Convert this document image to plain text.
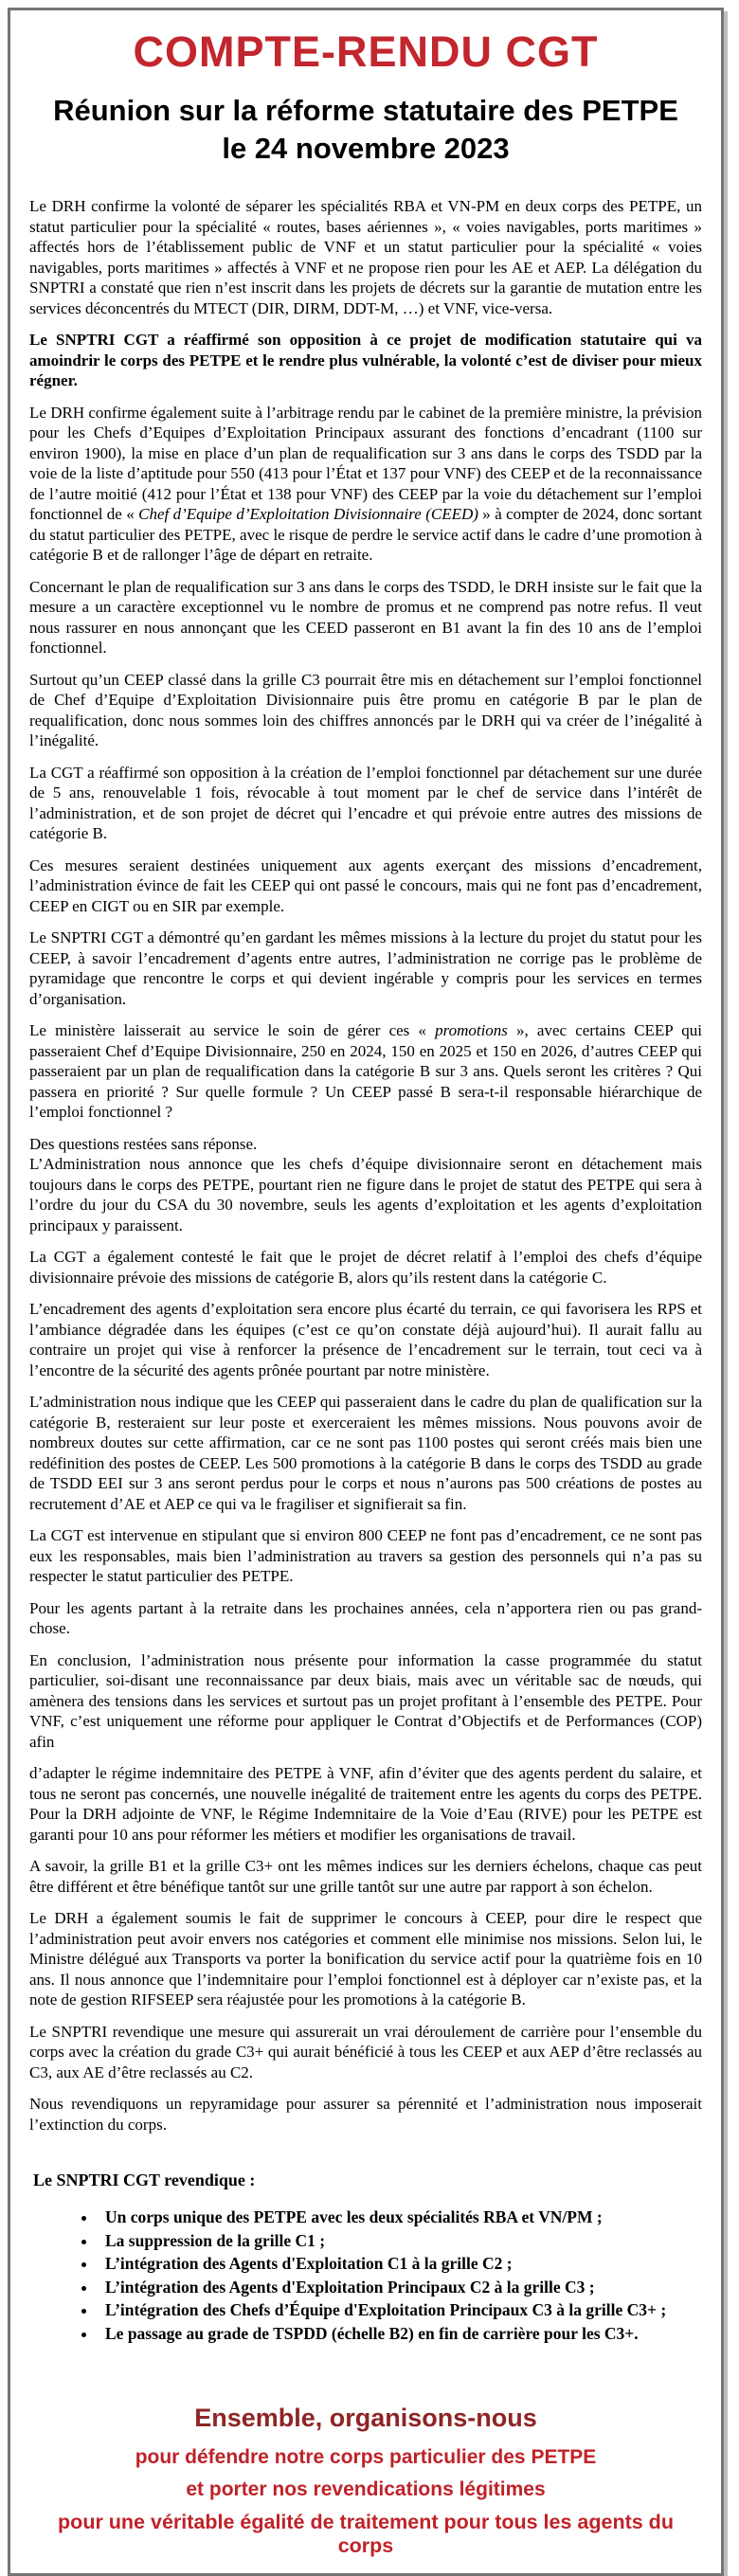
COMPTE-RENDU CGT
Réunion sur la réforme statutaire des PETPE
le 24 novembre 2023

Le DRH confirme la volonté de séparer les spécialités RBA et VN-PM en deux corps des PETPE, un statut particulier pour la spécialité « routes, bases aériennes », « voies navigables, ports maritimes » affectés hors de l’établissement public de VNF et un statut particulier pour la spécialité « voies navigables, ports maritimes » affectés à VNF et ne propose rien pour les AE et AEP. La délégation du SNPTRI a constaté que rien n’est inscrit dans les projets de décrets sur la garantie de mutation entre les services déconcentrés du MTECT (DIR, DIRM, DDT-M, …) et VNF, vice-versa.

Le SNPTRI CGT a réaffirmé son opposition à ce projet de modification statutaire qui va amoindrir le corps des PETPE et le rendre plus vulnérable, la volonté c’est de diviser pour mieux régner.

Le DRH confirme également suite à l’arbitrage rendu par le cabinet de la première ministre, la prévision pour les Chefs d’Equipes d’Exploitation Principaux assurant des fonctions d’encadrant (1100 sur environ 1900), la mise en place d’un plan de requalification sur 3 ans dans le corps des TSDD par la voie de la liste d’aptitude pour 550 (413 pour l’État et 137 pour VNF) des CEEP et de la reconnaissance de l’autre moitié (412 pour l’État et 138 pour VNF) des CEEP par la voie du détachement sur l’emploi fonctionnel de « Chef d’Equipe d’Exploitation Divisionnaire (CEED) » à compter de 2024, donc sortant du statut particulier des PETPE, avec le risque de perdre le service actif dans le cadre d’une promotion à catégorie B et de rallonger l’âge de départ en retraite.

Concernant le plan de requalification sur 3 ans dans le corps des TSDD, le DRH insiste sur le fait que la mesure a un caractère exceptionnel vu le nombre de promus et ne comprend pas notre refus. Il veut nous rassurer en nous annonçant que les CEED passeront en B1 avant la fin des 10 ans de l’emploi fonctionnel.

Surtout qu’un CEEP classé dans la grille C3 pourrait être mis en détachement sur l’emploi fonctionnel de Chef d’Equipe d’Exploitation Divisionnaire puis être promu en catégorie B par le plan de requalification, donc nous sommes loin des chiffres annoncés par le DRH qui va créer de l’inégalité à l’inégalité.

La CGT a réaffirmé son opposition à la création de l’emploi fonctionnel par détachement sur une durée de 5 ans, renouvelable 1 fois, révocable à tout moment par le chef de service dans l’intérêt de l’administration, et de son projet de décret qui l’encadre et qui prévoie entre autres des missions de catégorie B.

Ces mesures seraient destinées uniquement aux agents exerçant des missions d’encadrement, l’administration évince de fait les CEEP qui ont passé le concours, mais qui ne font pas d’encadrement, CEEP en CIGT ou en SIR par exemple.

Le SNPTRI CGT a démontré qu’en gardant les mêmes missions à la lecture du projet du statut pour les CEEP, à savoir l’encadrement d’agents entre autres, l’administration ne corrige pas le problème de pyramidage que rencontre le corps et qui devient ingérable y compris pour les services en termes d’organisation.

Le ministère laisserait au service le soin de gérer ces « promotions », avec certains CEEP qui passeraient Chef d’Equipe Divisionnaire, 250 en 2024, 150 en 2025 et 150 en 2026, d’autres CEEP qui passeraient par un plan de requalification dans la catégorie B sur 3 ans. Quels seront les critères ? Qui passera en priorité ? Sur quelle formule ? Un CEEP passé B sera-t-il responsable hiérarchique de l’emploi fonctionnel ?

Des questions restées sans réponse.

L’Administration nous annonce que les chefs d’équipe divisionnaire seront en détachement mais toujours dans le corps des PETPE, pourtant rien ne figure dans le projet de statut des PETPE qui sera à l’ordre du jour du CSA du 30 novembre, seuls les agents d’exploitation et les agents d’exploitation principaux y paraissent.

La CGT a également contesté le fait que le projet de décret relatif à l’emploi des chefs d’équipe divisionnaire prévoie des missions de catégorie B, alors qu’ils restent dans la catégorie C.

L’encadrement des agents d’exploitation sera encore plus écarté du terrain, ce qui favorisera les RPS et l’ambiance dégradée dans les équipes (c’est ce qu’on constate déjà aujourd’hui). Il aurait fallu au contraire un projet qui vise à renforcer la présence de l’encadrement sur le terrain, tout ceci va à l’encontre de la sécurité des agents prônée pourtant par notre ministère.

L’administration nous indique que les CEEP qui passeraient dans le cadre du plan de qualification sur la catégorie B, resteraient sur leur poste et exerceraient les mêmes missions. Nous pouvons avoir de nombreux doutes sur cette affirmation, car ce ne sont pas 1100 postes qui seront créés mais bien une redéfinition des postes de CEEP. Les 500 promotions à la catégorie B dans le corps des TSDD au grade de TSDD EEI sur 3 ans seront perdus pour le corps et nous n’aurons pas 500 créations de postes au recrutement d’AE et AEP ce qui va le fragiliser et signifierait sa fin.

La CGT est intervenue en stipulant que si environ 800 CEEP ne font pas d’encadrement, ce ne sont pas eux les responsables, mais bien l’administration au travers sa gestion des personnels qui n’a pas su respecter le statut particulier des PETPE.

Pour les agents partant à la retraite dans les prochaines années, cela n’apportera rien ou pas grand-chose.

En conclusion, l’administration nous présente pour information la casse programmée du statut particulier, soi-disant une reconnaissance par deux biais, mais avec un véritable sac de nœuds, qui amènera des tensions dans les services et surtout pas un projet profitant à l’ensemble des PETPE. Pour VNF, c’est uniquement une réforme pour appliquer le Contrat d’Objectifs et de Performances (COP) afin

d’adapter le régime indemnitaire des PETPE à VNF, afin d’éviter que des agents perdent du salaire, et tous ne seront pas concernés, une nouvelle inégalité de traitement entre les agents du corps des PETPE. Pour la DRH adjointe de VNF, le Régime Indemnitaire de la Voie d’Eau (RIVE) pour les PETPE est garanti pour 10 ans pour réformer les métiers et modifier les organisations de travail.

A savoir, la grille B1 et la grille C3+ ont les mêmes indices sur les derniers échelons, chaque cas peut être différent et être bénéfique tantôt sur une grille tantôt sur une autre par rapport à son échelon.

Le DRH a également soumis le fait de supprimer le concours à CEEP, pour dire le respect que l’administration peut avoir envers nos catégories et comment elle minimise nos missions. Selon lui, le Ministre délégué aux Transports va porter la bonification du service actif pour la quatrième fois en 10 ans. Il nous annonce que l’indemnitaire pour l’emploi fonctionnel est à déployer car n’existe pas, et la note de gestion RIFSEEP sera réajustée pour les promotions à la catégorie B.

Le SNPTRI revendique une mesure qui assurerait un vrai déroulement de carrière pour l’ensemble du corps avec la création du grade C3+ qui aurait bénéficié à tous les CEEP et aux AEP d’être reclassés au C3, aux AE d’être reclassés au C2.

Nous revendiquons un repyramidage pour assurer sa pérennité et l’administration nous imposerait l’extinction du corps.

Le SNPTRI CGT revendique :
• Un corps unique des PETPE avec les deux spécialités RBA et VN/PM ;
• La suppression de la grille C1 ;
• L’intégration des Agents d'Exploitation C1 à la grille C2 ;
• L’intégration des Agents d'Exploitation Principaux C2 à la grille C3 ;
• L’intégration des Chefs d’Équipe d'Exploitation Principaux C3 à la grille C3+ ;
• Le passage au grade de TSPDD (échelle B2) en fin de carrière pour les C3+.
Ensemble, organisons-nous
pour défendre notre corps particulier des PETPE
et porter nos revendications légitimes
pour une véritable égalité de traitement pour tous les agents du corps
